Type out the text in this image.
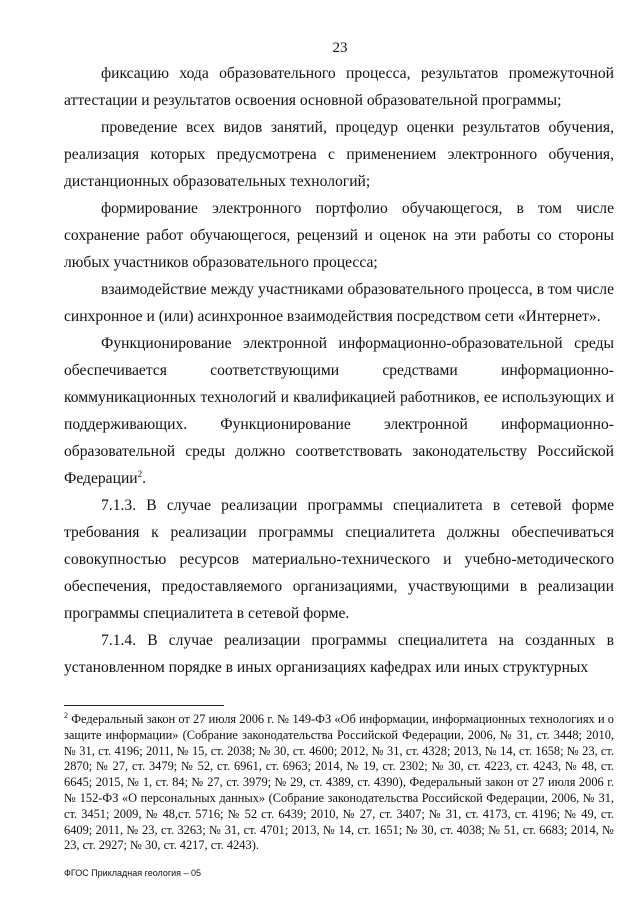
23

фиксацию хода образовательного процесса, результатов промежуточной аттестации и результатов освоения основной образовательной программы;

проведение всех видов занятий, процедур оценки результатов обучения, реализация которых предусмотрена с применением электронного обучения, дистанционных образовательных технологий;

формирование электронного портфолио обучающегося, в том числе сохранение работ обучающегося, рецензий и оценок на эти работы со стороны любых участников образовательного процесса;

взаимодействие между участниками образовательного процесса, в том числе синхронное и (или) асинхронное взаимодействия посредством сети «Интернет».

Функционирование электронной информационно-образовательной среды обеспечивается соответствующими средствами информационно-коммуникационных технологий и квалификацией работников, ее использующих и поддерживающих. Функционирование электронной информационно-образовательной среды должно соответствовать законодательству Российской Федерации$^2$.

7.1.3. В случае реализации программы специалитета в сетевой форме требования к реализации программы специалитета должны обеспечиваться совокупностью ресурсов материально-технического и учебно-методического обеспечения, предоставляемого организациями, участвующими в реализации программы специалитета в сетевой форме.

7.1.4. В случае реализации программы специалитета на созданных в установленном порядке в иных организациях кафедрах или иных структурных

$^2$ Федеральный закон от 27 июля 2006 г. № 149-ФЗ «Об информации, информационных технологиях и о защите информации» (Собрание законодательства Российской Федерации, 2006, № 31, ст. 3448; 2010, № 31, ст. 4196; 2011, № 15, ст. 2038; № 30, ст. 4600; 2012, № 31, ст. 4328; 2013, № 14, ст. 1658; № 23, ст. 2870; № 27, ст. 3479; № 52, ст. 6961, ст. 6963; 2014, № 19, ст. 2302; № 30, ст. 4223, ст. 4243, № 48, ст. 6645; 2015, № 1, ст. 84; № 27, ст. 3979; № 29, ст. 4389, ст. 4390), Федеральный закон от 27 июля 2006 г. № 152-ФЗ «О персональных данных» (Собрание законодательства Российской Федерации, 2006, № 31, ст. 3451; 2009, № 48,ст. 5716; № 52 ст. 6439; 2010, № 27, ст. 3407; № 31, ст. 4173, ст. 4196; № 49, ст. 6409; 2011, № 23, ст. 3263; № 31, ст. 4701; 2013, № 14, ст. 1651; № 30, ст. 4038; № 51, ст. 6683; 2014, № 23, ст. 2927; № 30, ст. 4217, ст. 4243).
ФГОС Прикладная геология – 05
